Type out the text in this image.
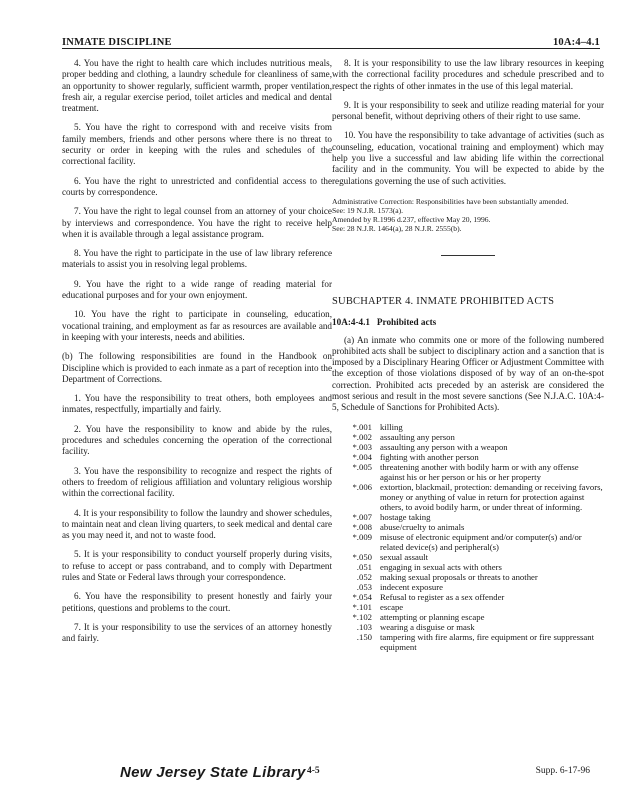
INMATE DISCIPLINE	10A:4–4.1

4. You have the right to health care which includes nutritious meals, proper bedding and clothing, a laundry schedule for cleanliness of same, an opportunity to shower regularly, sufficient warmth, proper ventilation, fresh air, a regular exercise period, toilet articles and medical and dental treatment.

5. You have the right to correspond with and receive visits from family members, friends and other persons where there is no threat to security or order in keeping with the rules and schedules of the correctional facility.

6. You have the right to unrestricted and confidential access to the courts by correspondence.

7. You have the right to legal counsel from an attorney of your choice by interviews and correspondence. You have the right to receive help when it is available through a legal assistance program.

8. You have the right to participate in the use of law library reference materials to assist you in resolving legal problems.

9. You have the right to a wide range of reading material for educational purposes and for your own enjoyment.

10. You have the right to participate in counseling, education, vocational training, and employment as far as resources are available and in keeping with your interests, needs and abilities.

(b) The following responsibilities are found in the Handbook on Discipline which is provided to each inmate as a part of reception into the Department of Corrections.

1. You have the responsibility to treat others, both employees and inmates, respectfully, impartially and fairly.

2. You have the responsibility to know and abide by the rules, procedures and schedules concerning the operation of the correctional facility.

3. You have the responsibility to recognize and respect the rights of others to freedom of religious affiliation and voluntary religious worship within the correctional facility.

4. It is your responsibility to follow the laundry and shower schedules, to maintain neat and clean living quarters, to seek medical and dental care as you may need it, and not to waste food.

5. It is your responsibility to conduct yourself properly during visits, to refuse to accept or pass contraband, and to comply with Department rules and State or Federal laws through your correspondence.

6. You have the responsibility to present honestly and fairly your petitions, questions and problems to the court.

7. It is your responsibility to use the services of an attorney honestly and fairly.

8. It is your responsibility to use the law library resources in keeping with the correctional facility procedures and schedule prescribed and to respect the rights of other inmates in the use of this legal material.

9. It is your responsibility to seek and utilize reading material for your personal benefit, without depriving others of their right to use same.

10. You have the responsibility to take advantage of activities (such as counseling, education, vocational training and employment) which may help you live a successful and law abiding life within the correctional facility and in the community. You will be expected to abide by the regulations governing the use of such activities.

Administrative Correction: Responsibilities have been substantially amended.
See: 19 N.J.R. 1573(a).
Amended by R.1996 d.237, effective May 20, 1996.
See: 28 N.J.R. 1464(a), 28 N.J.R. 2555(b).
SUBCHAPTER 4. INMATE PROHIBITED ACTS
10A:4-4.1 Prohibited acts

(a) An inmate who commits one or more of the following numbered prohibited acts shall be subject to disciplinary action and a sanction that is imposed by a Disciplinary Hearing Officer or Adjustment Committee with the exception of those violations disposed of by way of an on-the-spot correction. Prohibited acts preceded by an asterisk are considered the most serious and result in the most severe sanctions (See N.J.A.C. 10A:4-5, Schedule of Sanctions for Prohibited Acts).

*.001 killing
*.002 assaulting any person
*.003 assaulting any person with a weapon
*.004 fighting with another person
*.005 threatening another with bodily harm or with any offense against his or her person or his or her property
*.006 extortion, blackmail, protection: demanding or receiving favors, money or anything of value in return for protection against others, to avoid bodily harm, or under threat of informing.
*.007 hostage taking
*.008 abuse/cruelty to animals
*.009 misuse of electronic equipment and/or computer(s) and/or related device(s) and peripheral(s)
*.050 sexual assault
.051 engaging in sexual acts with others
.052 making sexual proposals or threats to another
.053 indecent exposure
*.054 Refusal to register as a sex offender
*.101 escape
*.102 attempting or planning escape
.103 wearing a disguise or mask
.150 tampering with fire alarms, fire equipment or fire suppressant equipment
New Jersey State Library 4-5	Supp. 6-17-96
